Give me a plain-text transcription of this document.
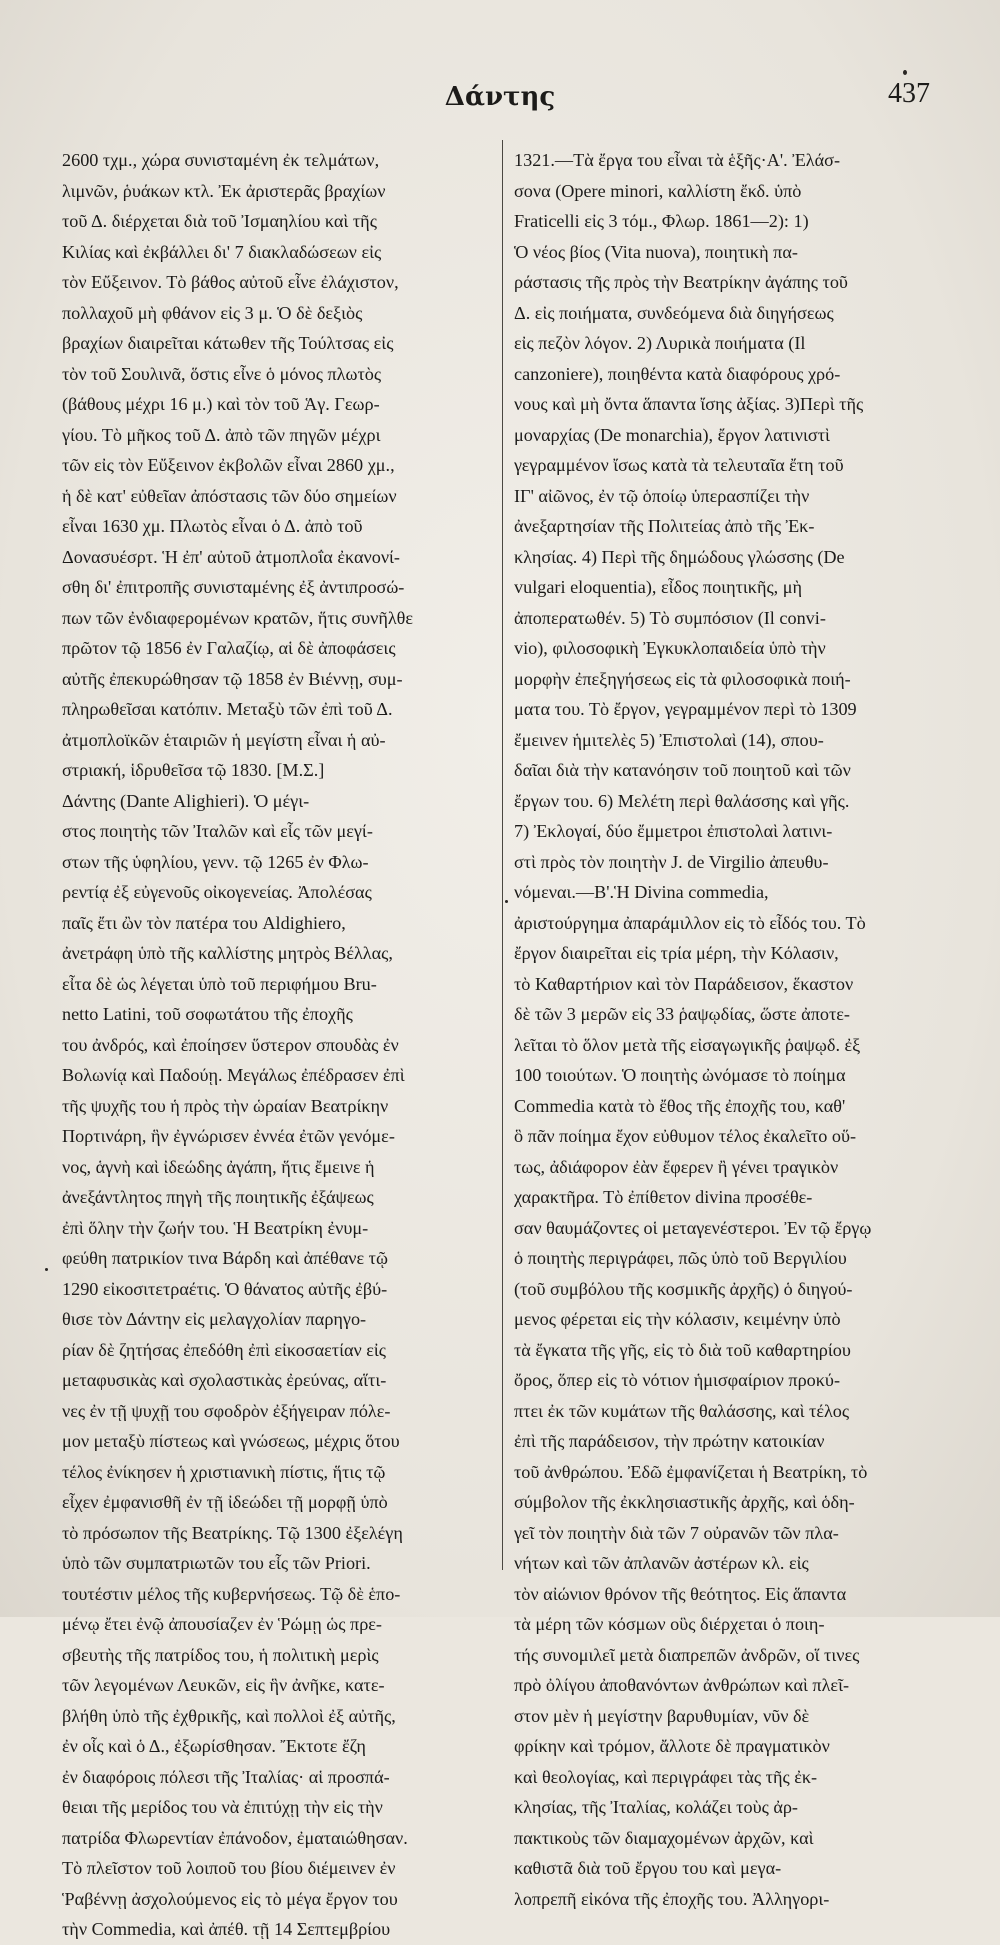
Δάντης	437
2600 τχμ., χώρα συνισταμένη ἐκ τελμάτων,
λιμνῶν, ῥυάκων κτλ. Ἐκ ἀριστερᾶς βραχίων
τοῦ Δ. διέρχεται διὰ τοῦ Ἰσμαηλίου καὶ τῆς
Κιλίας καὶ ἐκβάλλει δι' 7 διακλαδώσεων εἰς
τὸν Εὔξεινον. Τὸ βάθος αὐτοῦ εἶνε ἐλάχιστον,
πολλαχοῦ μὴ φθάνον εἰς 3 μ. Ὁ δὲ δεξιὸς
βραχίων διαιρεῖται κάτωθεν τῆς Τούλτσας εἰς
τὸν τοῦ Σουλινᾶ, ὅστις εἶνε ὁ μόνος πλωτὸς
(βάθους μέχρι 16 μ.) καὶ τὸν τοῦ Ἁγ. Γεωρ-
γίου. Τὸ μῆκος τοῦ Δ. ἀπὸ τῶν πηγῶν μέχρι
τῶν εἰς τὸν Εὔξεινον ἐκβολῶν εἶναι 2860 χμ.,
ἡ δὲ κατ' εὐθεῖαν ἀπόστασις τῶν δύο σημείων
εἶναι 1630 χμ. Πλωτὸς εἶναι ὁ Δ. ἀπὸ τοῦ
Δονασυέσρτ. Ἡ ἐπ' αὐτοῦ ἀτμοπλοΐα ἐκανονί-
σθη δι' ἐπιτροπῆς συνισταμένης ἐξ ἀντιπροσώ-
πων τῶν ἐνδιαφερομένων κρατῶν, ἥτις συνῆλθε
πρῶτον τῷ 1856 ἐν Γαλαζίῳ, αἱ δὲ ἀποφάσεις
αὐτῆς ἐπεκυρώθησαν τῷ 1858 ἐν Βιέννῃ, συμ-
πληρωθεῖσαι κατόπιν. Μεταξὺ τῶν ἐπὶ τοῦ Δ.
ἀτμοπλοϊκῶν ἑταιριῶν ἡ μεγίστη εἶναι ἡ αὐ-
στριακή, ἱδρυθεῖσα τῷ 1830. [Μ.Σ.]
Δάντης (Dante Alighieri). Ὁ μέγι-
στος ποιητὴς τῶν Ἰταλῶν καὶ εἷς τῶν μεγί-
στων τῆς ὑφηλίου, γενν. τῷ 1265 ἐν Φλω-
ρεντίᾳ ἐξ εὐγενοῦς οἰκογενείας. Ἀπολέσας
παῖς ἔτι ὢν τὸν πατέρα του Aldighiero,
ἀνετράφη ὑπὸ τῆς καλλίστης μητρὸς Βέλλας,
εἶτα δὲ ὡς λέγεται ὑπὸ τοῦ περιφήμου Bru-
netto Latini, τοῦ σοφωτάτου τῆς ἐποχῆς
του ἀνδρός, καὶ ἐποίησεν ὕστερον σπουδὰς ἐν
Βολωνίᾳ καὶ Παδούῃ. Μεγάλως ἐπέδρασεν ἐπὶ
τῆς ψυχῆς του ἡ πρὸς τὴν ὡραίαν Βεατρίκην
Πορτινάρη, ἣν ἐγνώρισεν ἐννέα ἐτῶν γενόμε-
νος, ἁγνὴ καὶ ἰδεώδης ἀγάπη, ἥτις ἔμεινε ἡ
ἀνεξάντλητος πηγὴ τῆς ποιητικῆς ἐξάψεως
ἐπὶ ὅλην τὴν ζωήν του. Ἡ Βεατρίκη ἐνυμ-
φεύθη πατρικίον τινα Βάρδη καὶ ἀπέθανε τῷ
1290 εἰκοσιτετραέτις. Ὁ θάνατος αὐτῆς ἐβύ-
θισε τὸν Δάντην εἰς μελαγχολίαν παρηγο-
ρίαν δὲ ζητήσας ἐπεδόθη ἐπὶ εἰκοσαετίαν εἰς
μεταφυσικὰς καὶ σχολαστικὰς ἐρεύνας, αἵτι-
νες ἐν τῇ ψυχῇ του σφοδρὸν ἐξήγειραν πόλε-
μον μεταξὺ πίστεως καὶ γνώσεως, μέχρις ὅτου
τέλος ἐνίκησεν ἡ χριστιανικὴ πίστις, ἥτις τῷ
εἶχεν ἐμφανισθῆ ἐν τῇ ἰδεώδει τῇ μορφῇ ὑπὸ
τὸ πρόσωπον τῆς Βεατρίκης. Τῷ 1300 ἐξελέγη
ὑπὸ τῶν συμπατριωτῶν του εἷς τῶν Priori.
τουτέστιν μέλος τῆς κυβερνήσεως. Τῷ δὲ ἑπο-
μένῳ ἔτει ἐνῷ ἀπουσίαζεν ἐν Ῥώμῃ ὡς πρε-
σβευτὴς τῆς πατρίδος του, ἡ πολιτικὴ μερὶς
τῶν λεγομένων Λευκῶν, εἰς ἣν ἀνῆκε, κατε-
βλήθη ὑπὸ τῆς ἐχθρικῆς, καὶ πολλοὶ ἐξ αὐτῆς,
ἐν οἷς καὶ ὁ Δ., ἐξωρίσθησαν. Ἔκτοτε ἔζη
ἐν διαφόροις πόλεσι τῆς Ἰταλίας· αἱ προσπά-
θειαι τῆς μερίδος του νὰ ἐπιτύχῃ τὴν εἰς τὴν
πατρίδα Φλωρεντίαν ἐπάνοδον, ἐματαιώθησαν.
Τὸ πλεῖστον τοῦ λοιποῦ του βίου διέμεινεν ἐν
Ῥαβέννῃ ἀσχολούμενος εἰς τὸ μέγα ἔργον του
τὴν Commedia, καὶ ἀπέθ. τῇ 14 Σεπτεμβρίου
1321.—Τὰ ἔργα του εἶναι τὰ ἑξῆς·Α'. Ἐλάσ-
σονα (Opere minori, καλλίστη ἔκδ. ὑπὸ
Fraticelli εἰς 3 τόμ., Φλωρ. 1861—2): 1)
Ὁ νέος βίος (Vita nuova), ποιητικὴ πα-
ράστασις τῆς πρὸς τὴν Βεατρίκην ἀγάπης τοῦ
Δ. εἰς ποιήματα, συνδεόμενα διὰ διηγήσεως
εἰς πεζὸν λόγον. 2) Λυρικὰ ποιήματα (Il
canzoniere), ποιηθέντα κατὰ διαφόρους χρό-
νους καὶ μὴ ὄντα ἅπαντα ἴσης ἀξίας. 3)Περὶ τῆς
μοναρχίας (De monarchia), ἔργον λατινιστὶ
γεγραμμένον ἴσως κατὰ τὰ τελευταῖα ἔτη τοῦ
ΙΓ' αἰῶνος, ἐν τῷ ὁποίῳ ὑπερασπίζει τὴν
ἀνεξαρτησίαν τῆς Πολιτείας ἀπὸ τῆς Ἐκ-
κλησίας. 4) Περὶ τῆς δημώδους γλώσσης (De
vulgari eloquentia), εἶδος ποιητικῆς, μὴ
ἀποπερατωθέν. 5) Τὸ συμπόσιον (Il convi-
vio), φιλοσοφικὴ Ἐγκυκλοπαιδεία ὑπὸ τὴν
μορφὴν ἐπεξηγήσεως εἰς τὰ φιλοσοφικὰ ποιή-
ματα του. Τὸ ἔργον, γεγραμμένον περὶ τὸ 1309
ἔμεινεν ἡμιτελὲς 5) Ἐπιστολαὶ (14), σπου-
δαῖαι διὰ τὴν κατανόησιν τοῦ ποιητοῦ καὶ τῶν
ἔργων του. 6) Μελέτη περὶ θαλάσσης καὶ γῆς.
7) Ἐκλογαί, δύο ἔμμετροι ἐπιστολαὶ λατινι-
στὶ πρὸς τὸν ποιητὴν J. de Virgilio ἀπευθυ-
νόμεναι.—Β'.Ἡ Divina commedia,
ἀριστούργημα ἀπαράμιλλον εἰς τὸ εἶδός του. Τὸ
ἔργον διαιρεῖται εἰς τρία μέρη, τὴν Κόλασιν,
τὸ Καθαρτήριον καὶ τὸν Παράδεισον, ἕκαστον
δὲ τῶν 3 μερῶν εἰς 33 ῥαψῳδίας, ὥστε ἀποτε-
λεῖται τὸ ὅλον μετὰ τῆς εἰσαγωγικῆς ῥαψῳδ. ἐξ
100 τοιούτων. Ὁ ποιητὴς ὠνόμασε τὸ ποίημα
Commedia κατὰ τὸ ἔθος τῆς ἐποχῆς του, καθ'
ὃ πᾶν ποίημα ἔχον εὐθυμον τέλος ἐκαλεῖτο οὕ-
τως, ἀδιάφορον ἐὰν ἔφερεν ἢ γένει τραγικὸν
χαρακτῆρα. Τὸ ἐπίθετον divina προσέθε-
σαν θαυμάζοντες οἱ μεταγενέστεροι. Ἐν τῷ ἔργῳ
ὁ ποιητὴς περιγράφει, πῶς ὑπὸ τοῦ Βεργιλίου
(τοῦ συμβόλου τῆς κοσμικῆς ἀρχῆς) ὁ διηγού-
μενος φέρεται εἰς τὴν κόλασιν, κειμένην ὑπὸ
τὰ ἔγκατα τῆς γῆς, εἰς τὸ διὰ τοῦ καθαρτηρίου
ὄρος, ὅπερ εἰς τὸ νότιον ἡμισφαίριον προκύ-
πτει ἐκ τῶν κυμάτων τῆς θαλάσσης, καὶ τέλος
ἐπὶ τῆς παράδεισον, τὴν πρώτην κατοικίαν
τοῦ ἀνθρώπου. Ἐδῶ ἐμφανίζεται ἡ Βεατρίκη, τὸ
σύμβολον τῆς ἐκκλησιαστικῆς ἀρχῆς, καὶ ὁδη-
γεῖ τὸν ποιητὴν διὰ τῶν 7 οὐρανῶν τῶν πλα-
νήτων καὶ τῶν ἀπλανῶν ἀστέρων κλ. εἰς
τὸν αἰώνιον θρόνον τῆς θεότητος. Εἰς ἅπαντα
τὰ μέρη τῶν κόσμων οὓς διέρχεται ὁ ποιη-
τής συνομιλεῖ μετὰ διαπρεπῶν ἀνδρῶν, οἵ τινες
πρὸ ὀλίγου ἀποθανόντων ἀνθρώπων καὶ πλεῖ-
στον μὲν ἡ μεγίστην βαρυθυμίαν, νῦν δὲ
φρίκην καὶ τρόμον, ἄλλοτε δὲ πραγματικὸν
καὶ θεολογίας, καὶ περιγράφει τὰς τῆς ἐκ-
κλησίας, τῆς Ἰταλίας, κολάζει τοὺς ἀρ-
πακτικοὺς τῶν διαμαχομένων ἀρχῶν, καὶ
καθιστᾶ διὰ τοῦ ἔργου του καὶ μεγα-
λοπρεπῆ εἰκόνα τῆς ἐποχῆς του. Ἀλληγορι-
